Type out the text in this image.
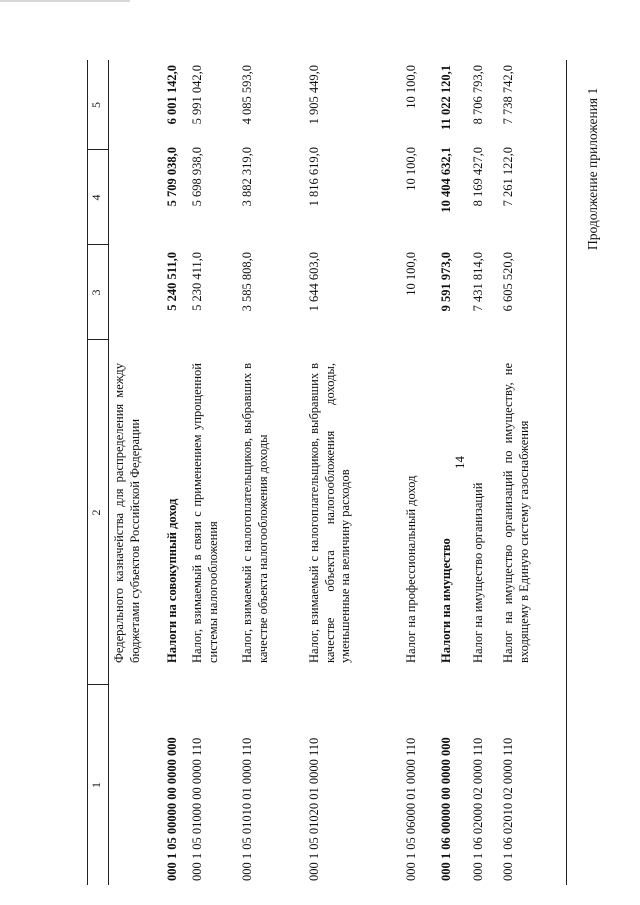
14
Продолжение приложения 1
1
2
3
4
5
Федерального казначейства для распределения между бюджетами субъектов Российской Федерации
000 1 05 00000 00 0000 000
Налоги на совокупный доход
5 240 511,0
5 709 038,0
6 001 142,0
000 1 05 01000 00 0000 110
Налог, взимаемый в связи с применением упрощенной системы налогообложения
5 230 411,0
5 698 938,0
5 991 042,0
000 1 05 01010 01 0000 110
Налог, взимаемый с налогоплательщиков, выбравших в качестве объекта налогообложения доходы
3 585 808,0
3 882 319,0
4 085 593,0
000 1 05 01020 01 0000 110
Налог, взимаемый с налогоплательщиков, выбравших в качестве объекта налогообложения доходы, уменьшенные на величину расходов
1 644 603,0
1 816 619,0
1 905 449,0
000 1 05 06000 01 0000 110
Налог на профессиональный доход
10 100,0
10 100,0
10 100,0
000 1 06 00000 00 0000 000
Налоги на имущество
9 591 973,0
10 404 632,1
11 022 120,1
000 1 06 02000 02 0000 110
Налог на имущество организаций
7 431 814,0
8 169 427,0
8 706 793,0
000 1 06 02010 02 0000 110
Налог на имущество организаций по имуществу, не входящему в Единую систему газоснабжения
6 605 520,0
7 261 122,0
7 738 742,0
